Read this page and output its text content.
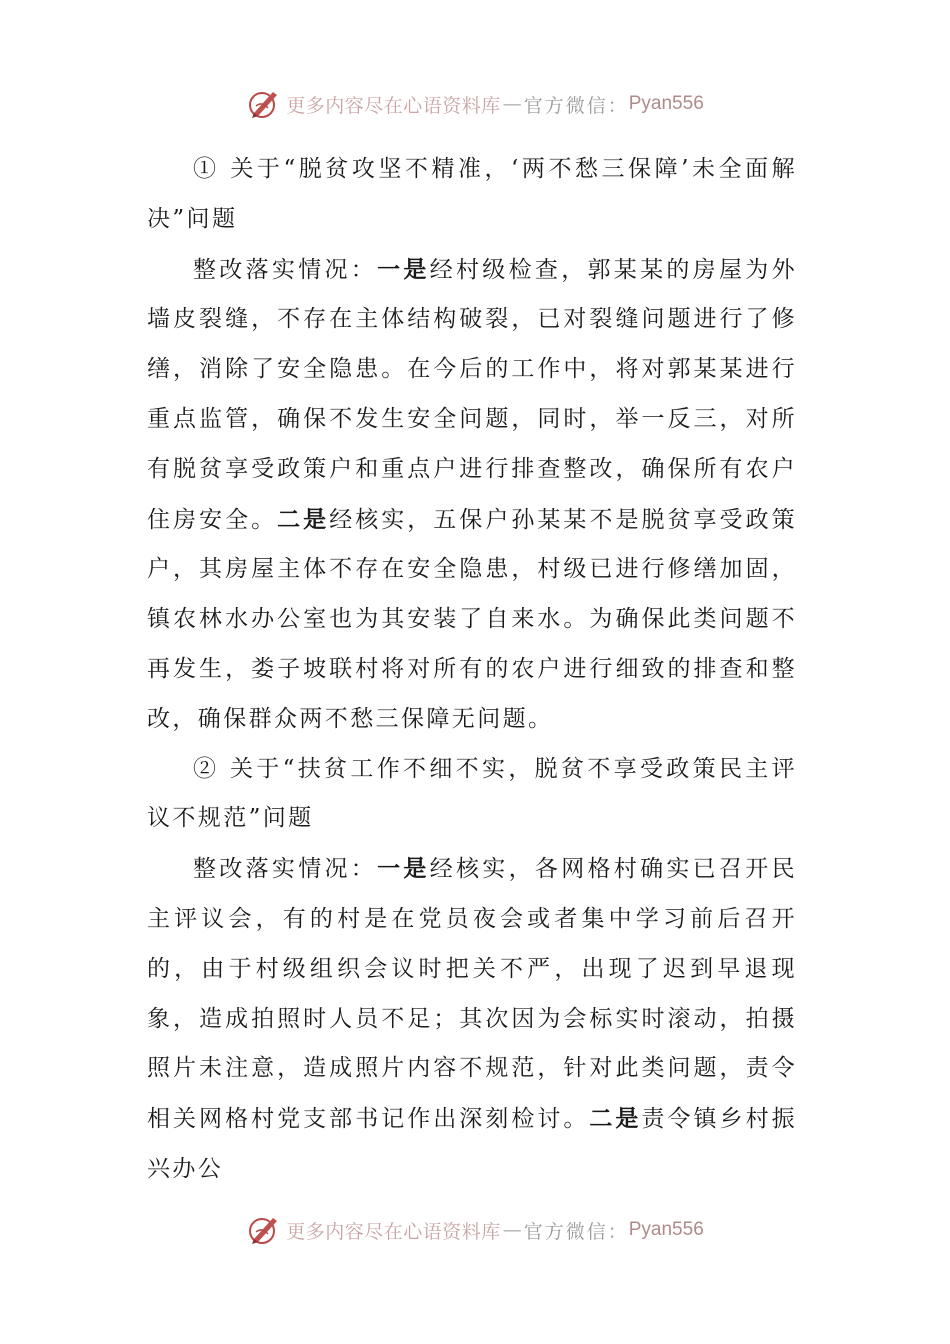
更多内容尽在心语资料库 — 官方微信： Pyan556

① 关于“脱贫攻坚不精准，‘两不愁三保障’未全面解决”问题

整改落实情况：一是经村级检查，郭某某的房屋为外墙皮裂缝，不存在主体结构破裂，已对裂缝问题进行了修缮，消除了安全隐患。在今后的工作中，将对郭某某进行重点监管，确保不发生安全问题，同时，举一反三，对所有脱贫享受政策户和重点户进行排查整改，确保所有农户住房安全。二是经核实，五保户孙某某不是脱贫享受政策户，其房屋主体不存在安全隐患，村级已进行修缮加固，镇农林水办公室也为其安装了自来水。为确保此类问题不再发生，娄子坡联村将对所有的农户进行细致的排查和整改，确保群众两不愁三保障无问题。

② 关于“扶贫工作不细不实，脱贫不享受政策民主评议不规范”问题

整改落实情况：一是经核实，各网格村确实已召开民主评议会，有的村是在党员夜会或者集中学习前后召开的，由于村级组织会议时把关不严，出现了迟到早退现象，造成拍照时人员不足；其次因为会标实时滚动，拍摄照片未注意，造成照片内容不规范，针对此类问题，责令相关网格村党支部书记作出深刻检讨。二是责令镇乡村振兴办公

更多内容尽在心语资料库 — 官方微信： Pyan556
